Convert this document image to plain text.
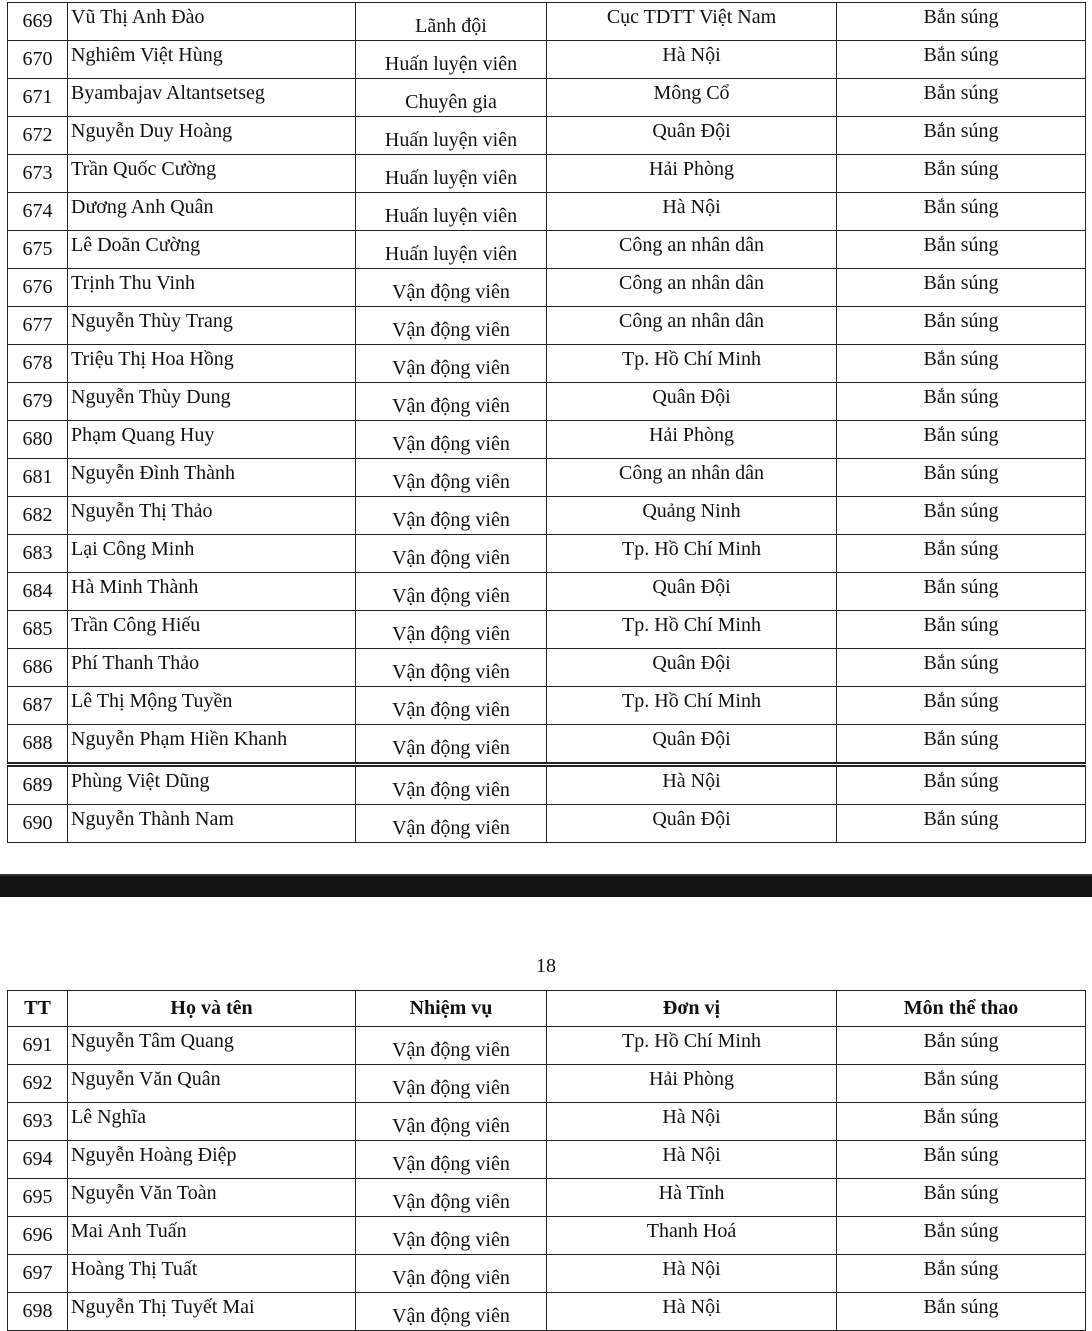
669	Vũ Thị Anh Đào	Lãnh đội	Cục TDTT Việt Nam	Bắn súng
670	Nghiêm Việt Hùng	Huấn luyện viên	Hà Nội	Bắn súng
671	Byambajav Altantsetseg	Chuyên gia	Mông Cổ	Bắn súng
672	Nguyễn Duy Hoàng	Huấn luyện viên	Quân Đội	Bắn súng
673	Trần Quốc Cường	Huấn luyện viên	Hải Phòng	Bắn súng
674	Dương Anh Quân	Huấn luyện viên	Hà Nội	Bắn súng
675	Lê Doãn Cường	Huấn luyện viên	Công an nhân dân	Bắn súng
676	Trịnh Thu Vinh	Vận động viên	Công an nhân dân	Bắn súng
677	Nguyễn Thùy Trang	Vận động viên	Công an nhân dân	Bắn súng
678	Triệu Thị Hoa Hồng	Vận động viên	Tp. Hồ Chí Minh	Bắn súng
679	Nguyễn Thùy Dung	Vận động viên	Quân Đội	Bắn súng
680	Phạm Quang Huy	Vận động viên	Hải Phòng	Bắn súng
681	Nguyễn Đình Thành	Vận động viên	Công an nhân dân	Bắn súng
682	Nguyễn Thị Thảo	Vận động viên	Quảng Ninh	Bắn súng
683	Lại Công Minh	Vận động viên	Tp. Hồ Chí Minh	Bắn súng
684	Hà Minh Thành	Vận động viên	Quân Đội	Bắn súng
685	Trần Công Hiếu	Vận động viên	Tp. Hồ Chí Minh	Bắn súng
686	Phí Thanh Thảo	Vận động viên	Quân Đội	Bắn súng
687	Lê Thị Mộng Tuyền	Vận động viên	Tp. Hồ Chí Minh	Bắn súng
688	Nguyễn Phạm Hiền Khanh	Vận động viên	Quân Đội	Bắn súng
689	Phùng Việt Dũng	Vận động viên	Hà Nội	Bắn súng
690	Nguyễn Thành Nam	Vận động viên	Quân Đội	Bắn súng
18
TT	Họ và tên	Nhiệm vụ	Đơn vị	Môn thể thao
691	Nguyễn Tâm Quang	Vận động viên	Tp. Hồ Chí Minh	Bắn súng
692	Nguyễn Văn Quân	Vận động viên	Hải Phòng	Bắn súng
693	Lê Nghĩa	Vận động viên	Hà Nội	Bắn súng
694	Nguyễn Hoàng Điệp	Vận động viên	Hà Nội	Bắn súng
695	Nguyễn Văn Toàn	Vận động viên	Hà Tĩnh	Bắn súng
696	Mai Anh Tuấn	Vận động viên	Thanh Hoá	Bắn súng
697	Hoàng Thị Tuất	Vận động viên	Hà Nội	Bắn súng
698	Nguyễn Thị Tuyết Mai	Vận động viên	Hà Nội	Bắn súng
